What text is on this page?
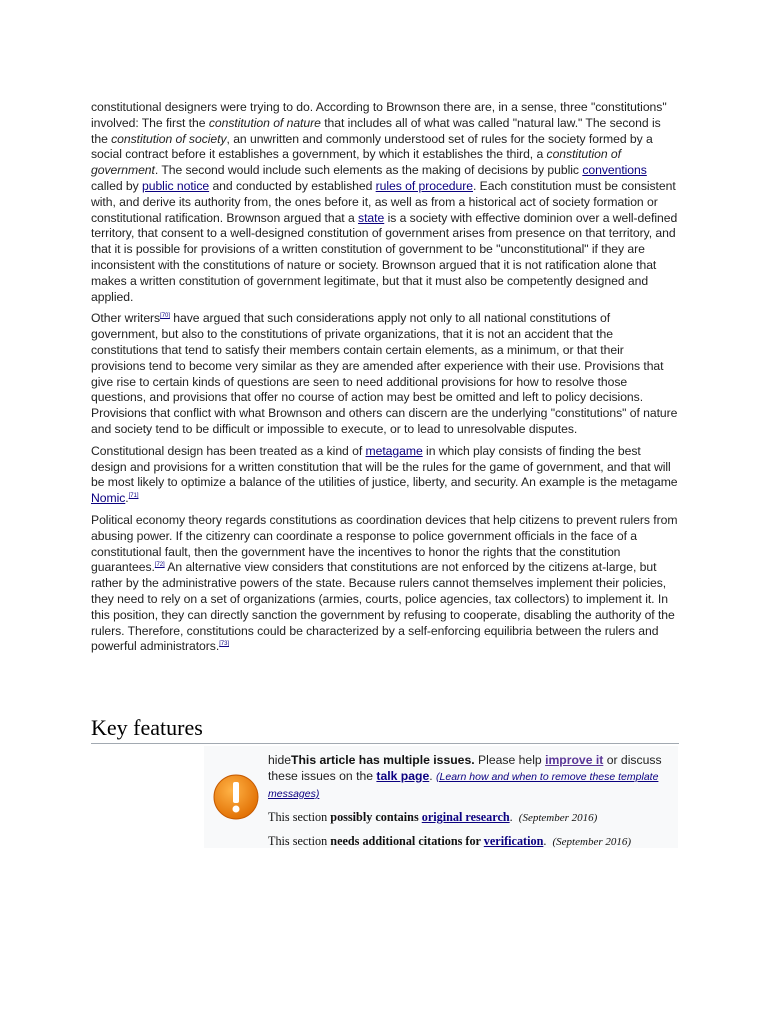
constitutional designers were trying to do. According to Brownson there are, in a sense, three "constitutions" involved: The first the constitution of nature that includes all of what was called "natural law." The second is the constitution of society, an unwritten and commonly understood set of rules for the society formed by a social contract before it establishes a government, by which it establishes the third, a constitution of government. The second would include such elements as the making of decisions by public conventions called by public notice and conducted by established rules of procedure. Each constitution must be consistent with, and derive its authority from, the ones before it, as well as from a historical act of society formation or constitutional ratification. Brownson argued that a state is a society with effective dominion over a well-defined territory, that consent to a well-designed constitution of government arises from presence on that territory, and that it is possible for provisions of a written constitution of government to be "unconstitutional" if they are inconsistent with the constitutions of nature or society. Brownson argued that it is not ratification alone that makes a written constitution of government legitimate, but that it must also be competently designed and applied.

Other writers[70] have argued that such considerations apply not only to all national constitutions of government, but also to the constitutions of private organizations, that it is not an accident that the constitutions that tend to satisfy their members contain certain elements, as a minimum, or that their provisions tend to become very similar as they are amended after experience with their use. Provisions that give rise to certain kinds of questions are seen to need additional provisions for how to resolve those questions, and provisions that offer no course of action may best be omitted and left to policy decisions. Provisions that conflict with what Brownson and others can discern are the underlying "constitutions" of nature and society tend to be difficult or impossible to execute, or to lead to unresolvable disputes.

Constitutional design has been treated as a kind of metagame in which play consists of finding the best design and provisions for a written constitution that will be the rules for the game of government, and that will be most likely to optimize a balance of the utilities of justice, liberty, and security. An example is the metagame Nomic.[71]

Political economy theory regards constitutions as coordination devices that help citizens to prevent rulers from abusing power. If the citizenry can coordinate a response to police government officials in the face of a constitutional fault, then the government have the incentives to honor the rights that the constitution guarantees.[72] An alternative view considers that constitutions are not enforced by the citizens at-large, but rather by the administrative powers of the state. Because rulers cannot themselves implement their policies, they need to rely on a set of organizations (armies, courts, police agencies, tax collectors) to implement it. In this position, they can directly sanction the government by refusing to cooperate, disabling the authority of the rulers. Therefore, constitutions could be characterized by a self-enforcing equilibria between the rulers and powerful administrators.[73]

Key features
hideThis article has multiple issues. Please help improve it or discuss these issues on the talk page. (Learn how and when to remove these template messages)
This section possibly contains original research. (September 2016)
This section needs additional citations for verification. (September 2016)
